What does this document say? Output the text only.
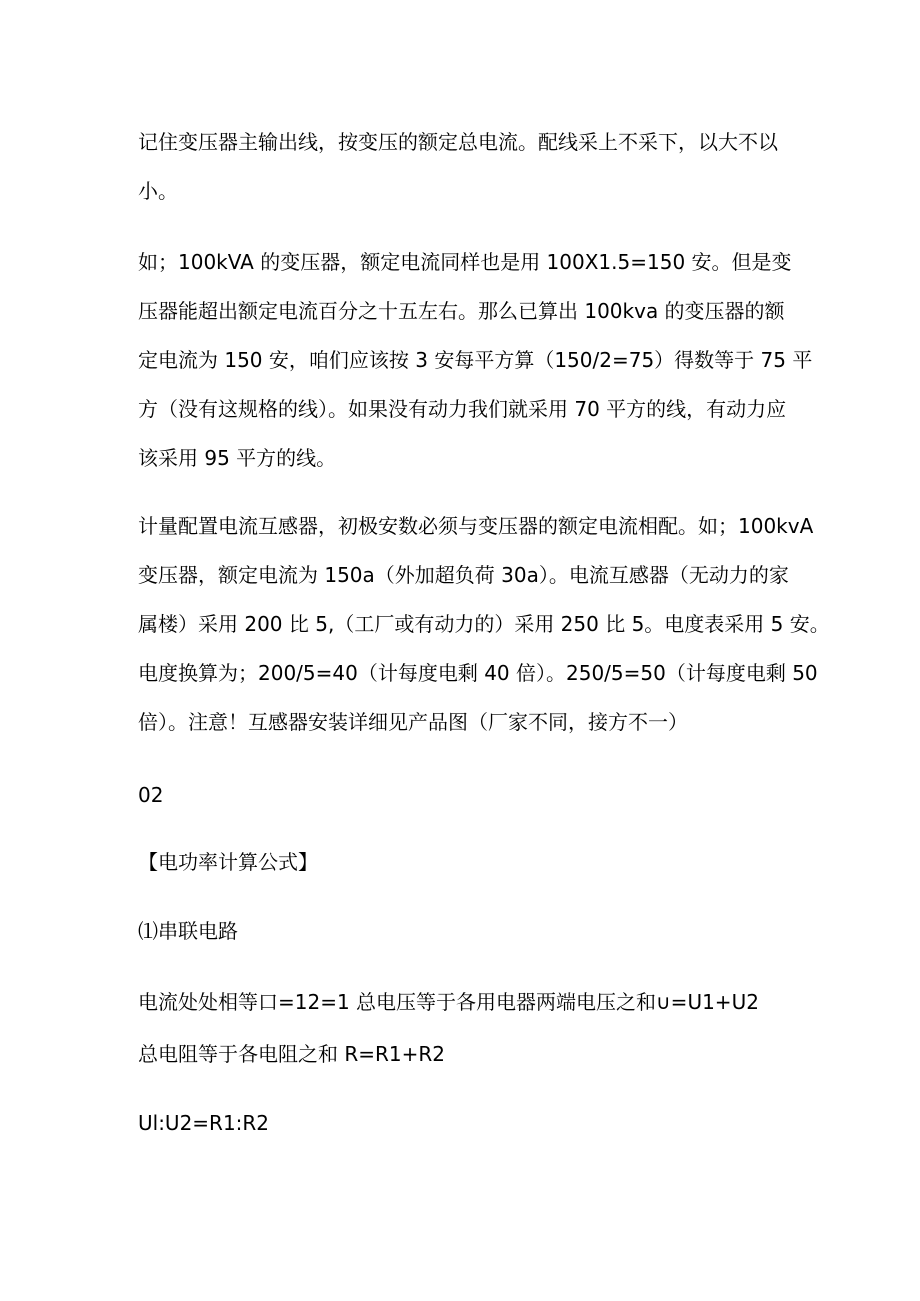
记住变压器主输出线，按变压的额定总电流。配线采上不采下，以大不以
小。
如；100kVA 的变压器，额定电流同样也是用 100X1.5=150 安。但是变
压器能超出额定电流百分之十五左右。那么已算出 100kva 的变压器的额
定电流为 150 安，咱们应该按 3 安每平方算（150/2=75）得数等于 75 平
方（没有这规格的线）。如果没有动力我们就采用 70 平方的线，有动力应
该采用 95 平方的线。
计量配置电流互感器，初极安数必须与变压器的额定电流相配。如；100kvA
变压器，额定电流为 150a（外加超负荷 30a）。电流互感器（无动力的家
属楼）采用 200 比 5,（工厂或有动力的）采用 250 比 5。电度表采用 5 安。
电度换算为；200/5=40（计每度电剩 40 倍）。250/5=50（计每度电剩 50
倍）。注意！互感器安装详细见产品图（厂家不同，接方不一）
02
【电功率计算公式】
⑴串联电路
电流处处相等口=12=1 总电压等于各用电器两端电压之和∪=U1+U2
总电阻等于各电阻之和 R=R1+R2
Ul:U2=R1:R2
